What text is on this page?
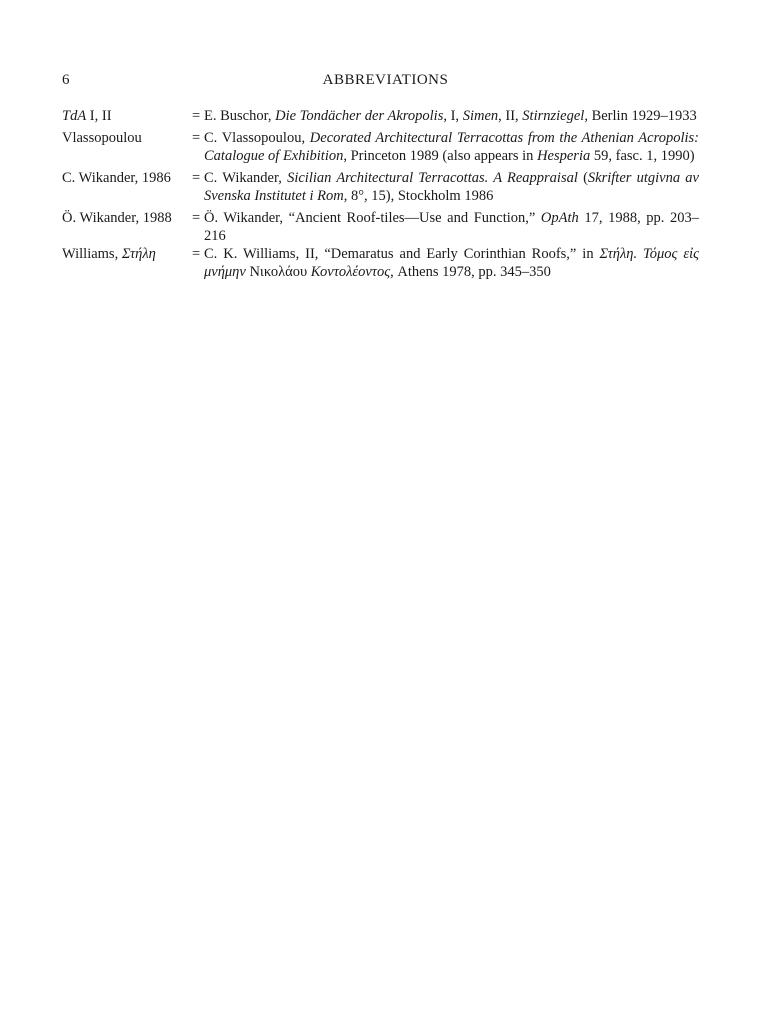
6	ABBREVIATIONS
TdA I, II	= E. Buschor, Die Tondächer der Akropolis, I, Simen, II, Stirnziegel, Berlin 1929–1933
Vlassopoulou	= C. Vlassopoulou, Decorated Architectural Terracottas from the Athenian Acropolis: Catalogue of Exhibition, Princeton 1989 (also appears in Hesperia 59, fasc. 1, 1990)
C. Wikander, 1986	= C. Wikander, Sicilian Architectural Terracottas. A Reappraisal (Skrifter utgivna av Svenska Institutet i Rom, 8°, 15), Stockholm 1986
Ö. Wikander, 1988	= Ö. Wikander, “Ancient Roof-tiles—Use and Function,” OpAth 17, 1988, pp. 203–216
Williams, Στήλη	= C. K. Williams, II, “Demaratus and Early Corinthian Roofs,” in Στήλη. Τόμος εἰς μνήμην Νικολάου Κοντολέοντος, Athens 1978, pp. 345–350
